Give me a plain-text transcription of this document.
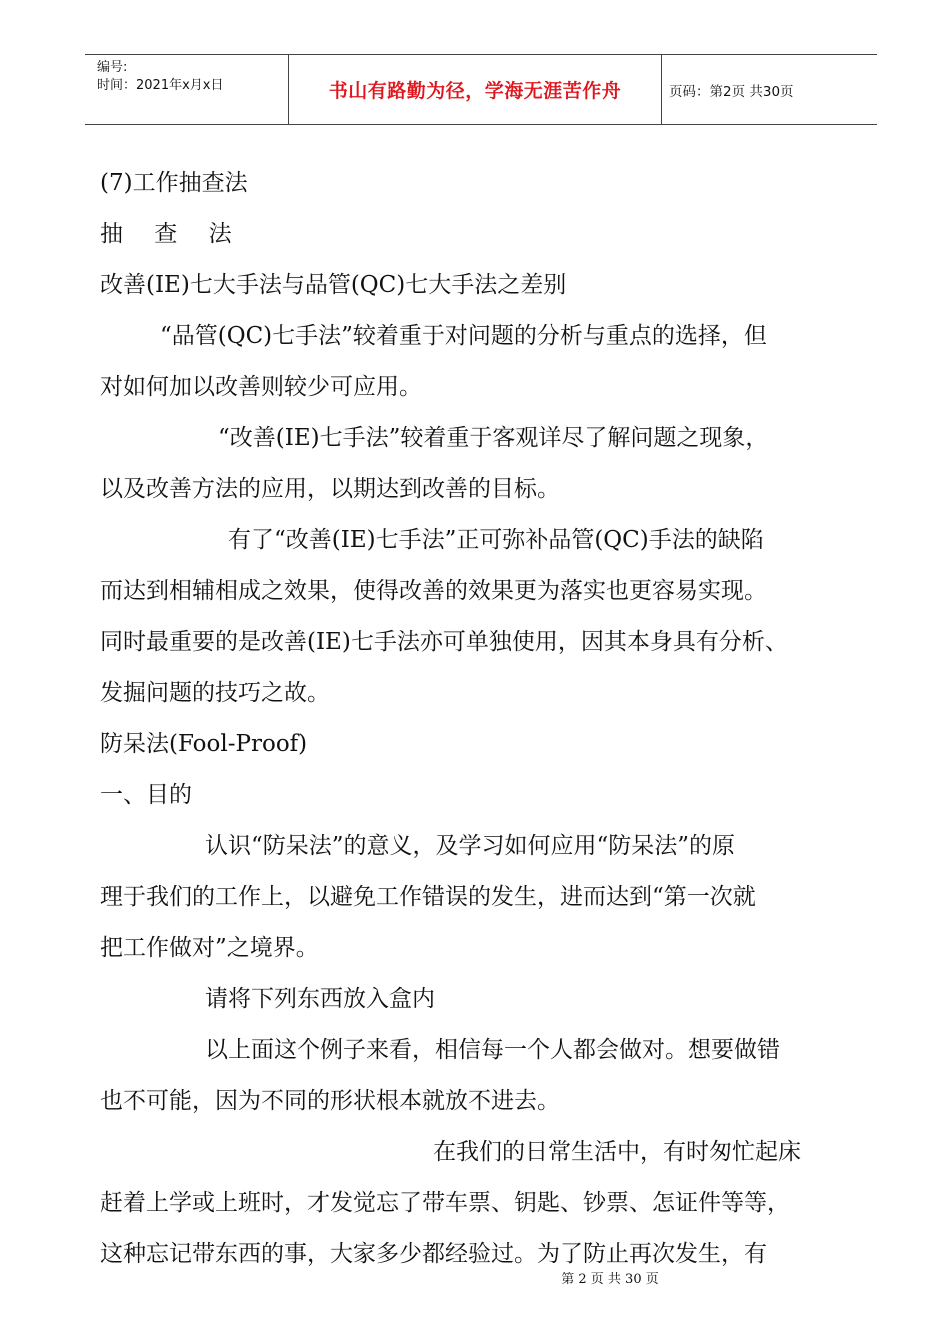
编号:
时间：2021年x月x日	书山有路勤为径，学海无涯苦作舟	页码：第2页 共30页

(7)工作抽查法

抽 查 法

改善(IE)七大手法与品管(QC)七大手法之差别

“品管(QC)七手法”较着重于对问题的分析与重点的选择，但

对如何加以改善则较少可应用。

“改善(IE)七手法”较着重于客观详尽了解问题之现象，

以及改善方法的应用，以期达到改善的目标。

有了“改善(IE)七手法”正可弥补品管(QC)手法的缺陷

而达到相辅相成之效果，使得改善的效果更为落实也更容易实现。

同时最重要的是改善(IE)七手法亦可单独使用，因其本身具有分析、

发掘问题的技巧之故。

防呆法(Fool-Proof)

一、目的

认识“防呆法”的意义，及学习如何应用“防呆法”的原

理于我们的工作上，以避免工作错误的发生，进而达到“第一次就

把工作做对”之境界。

请将下列东西放入盒内

以上面这个例子来看，相信每一个人都会做对。想要做错

也不可能，因为不同的形状根本就放不进去。

在我们的日常生活中，有时匆忙起床

赶着上学或上班时，才发觉忘了带车票、钥匙、钞票、怎证件等等，

这种忘记带东西的事，大家多少都经验过。为了防止再次发生，有

第 2 页 共 30 页
